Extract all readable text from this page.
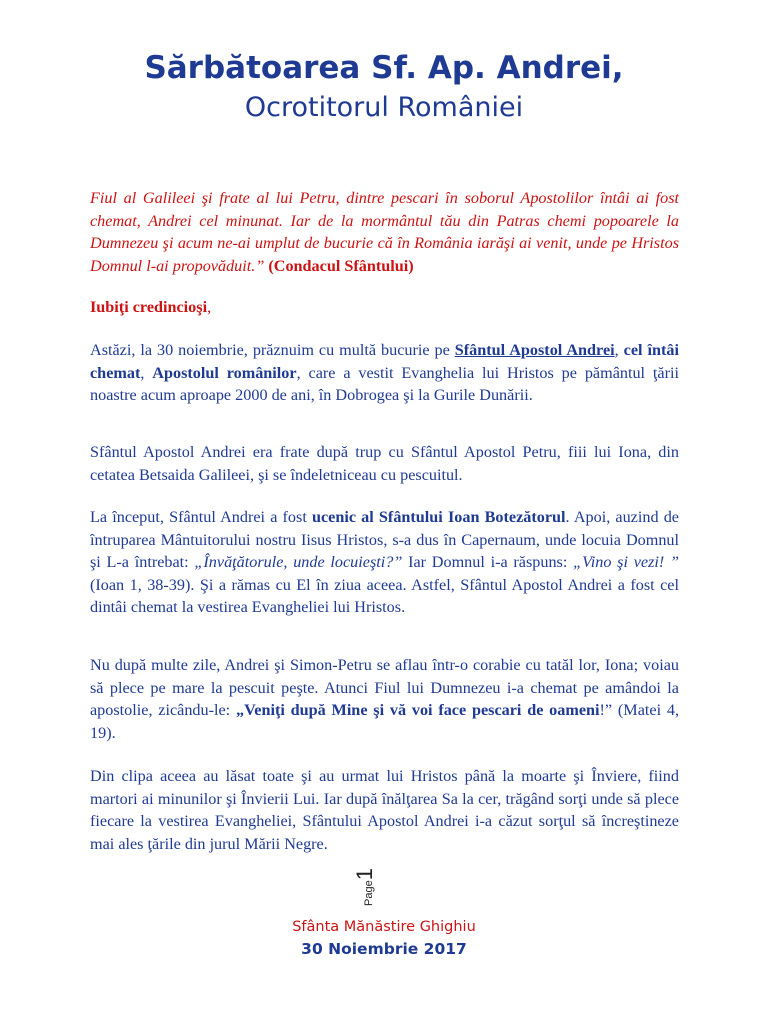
Sărbătoarea Sf. Ap. Andrei,
Ocrotitorul României

Fiul al Galileei şi frate al lui Petru, dintre pescari în soborul Apostolilor întâi ai fost chemat, Andrei cel minunat. Iar de la mormântul tău din Patras chemi popoarele la Dumnezeu şi acum ne-ai umplut de bucurie că în România iarăşi ai venit, unde pe Hristos Domnul l-ai propovăduit.” (Condacul Sfântului)

Iubiţi credincioşi,

Astăzi, la 30 noiembrie, prăznuim cu multă bucurie pe Sfântul Apostol Andrei, cel întâi chemat, Apostolul românilor, care a vestit Evanghelia lui Hristos pe pământul ţării noastre acum aproape 2000 de ani, în Dobrogea şi la Gurile Dunării.

Sfântul Apostol Andrei era frate după trup cu Sfântul Apostol Petru, fiii lui Iona, din cetatea Betsaida Galileei, şi se îndeletniceau cu pescuitul.

La început, Sfântul Andrei a fost ucenic al Sfântului Ioan Botezătorul. Apoi, auzind de întruparea Mântuitorului nostru Iisus Hristos, s-a dus în Capernaum, unde locuia Domnul şi L-a întrebat: „Învăţătorule, unde locuieşti?” Iar Domnul i-a răspuns: „Vino şi vezi! ” (Ioan 1, 38-39). Şi a rămas cu El în ziua aceea. Astfel, Sfântul Apostol Andrei a fost cel dintâi chemat la vestirea Evangheliei lui Hristos.

Nu după multe zile, Andrei şi Simon-Petru se aflau într-o corabie cu tatăl lor, Iona; voiau să plece pe mare la pescuit peşte. Atunci Fiul lui Dumnezeu i-a chemat pe amândoi la apostolie, zicându-le: „Veniţi după Mine şi vă voi face pescari de oameni!” (Matei 4, 19).

Din clipa aceea au lăsat toate şi au urmat lui Hristos până la moarte şi Înviere, fiind martori ai minunilor şi Învierii Lui. Iar după înălţarea Sa la cer, trăgând sorţi unde să plece fiecare la vestirea Evangheliei, Sfântului Apostol Andrei i-a căzut sorţul să încreştineze mai ales ţările din jurul Mării Negre.

Page1
Sfânta Mănăstire Ghighiu
30 Noiembrie 2017
